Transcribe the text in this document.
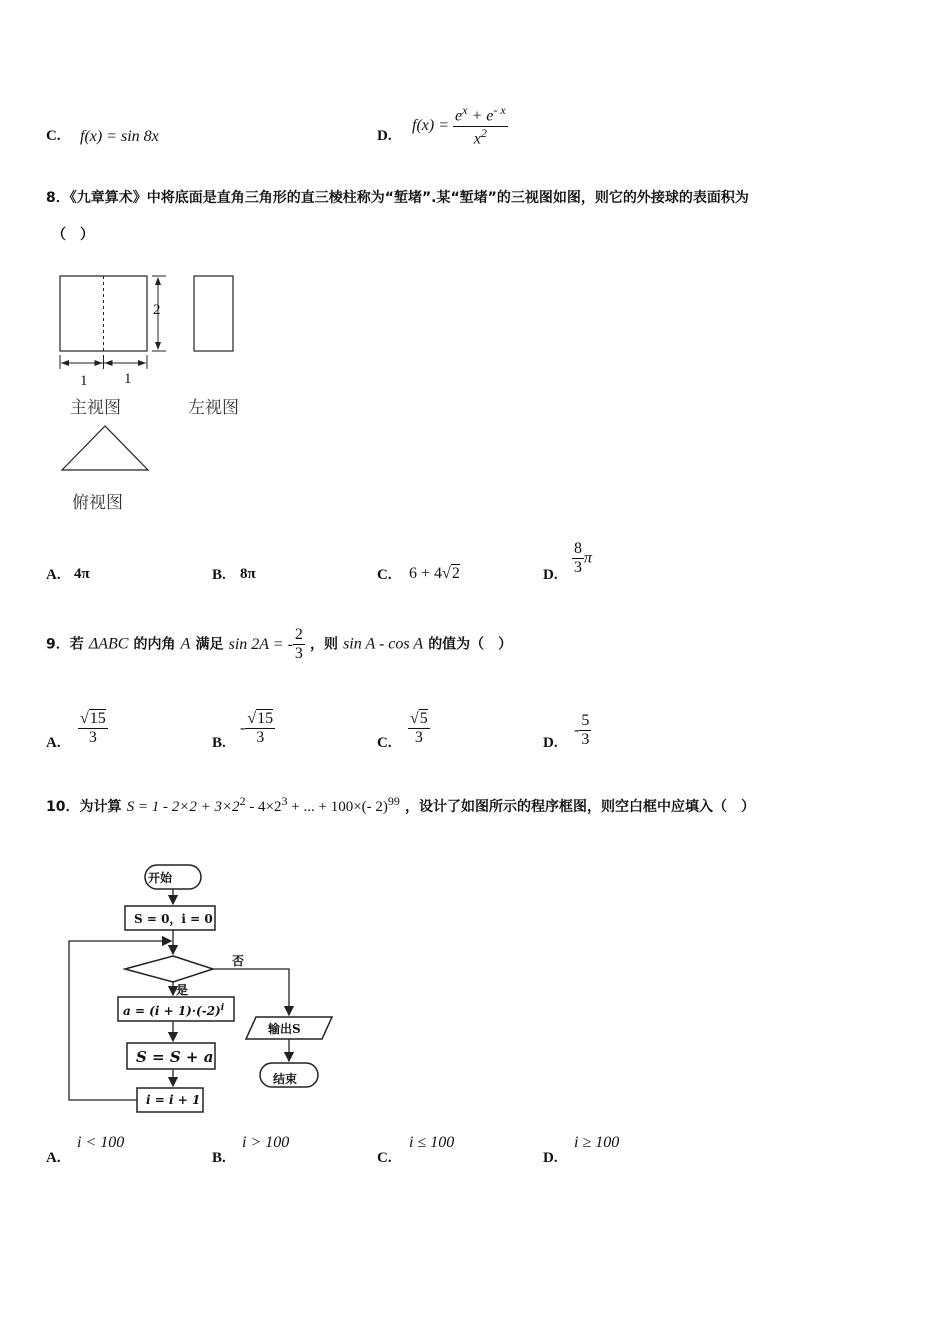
C. f(x) = sin 8x	D.
$f(x) = \frac{e^x + e^{- x}}{x^2}$
8．《九章算术》中将底面是直角三角形的直三棱柱称为“堑堵”.某“堑堵”的三视图如图，则它的外接球的表面积为
（　）
2
1 1
主视图	左视图
俯视图
A. 4π	B. 8π	C. 6 + 4√2	D. $\frac{8}{3}$ π
9．若 ΔABC 的内角 A 满足 sin 2A = - $\frac{2}{3}$ ，则 sin A - cos A 的值为（　）
A. $\frac{√15}{3}$	B.
- $\frac{√15}{3}$	C. $\frac{√5}{3}$	D.
- $\frac{5}{3}$
10．为计算 $S = 1 - 2\times 2 + 3\times 2^2 - 4\times 2^3$ + ... + 100×(- 2)$^{99}$ ，设计了如图所示的程序框图，则空白框中应填入（　）
开始
S = 0，i = 0
否
是
$a = (i + 1)\cdot(-2)^i$
S = S + a
i = i + 1
输出S
结束
A.
i < 100
B.
i > 100
C.
i ≤ 100
D.
i ≥ 100
